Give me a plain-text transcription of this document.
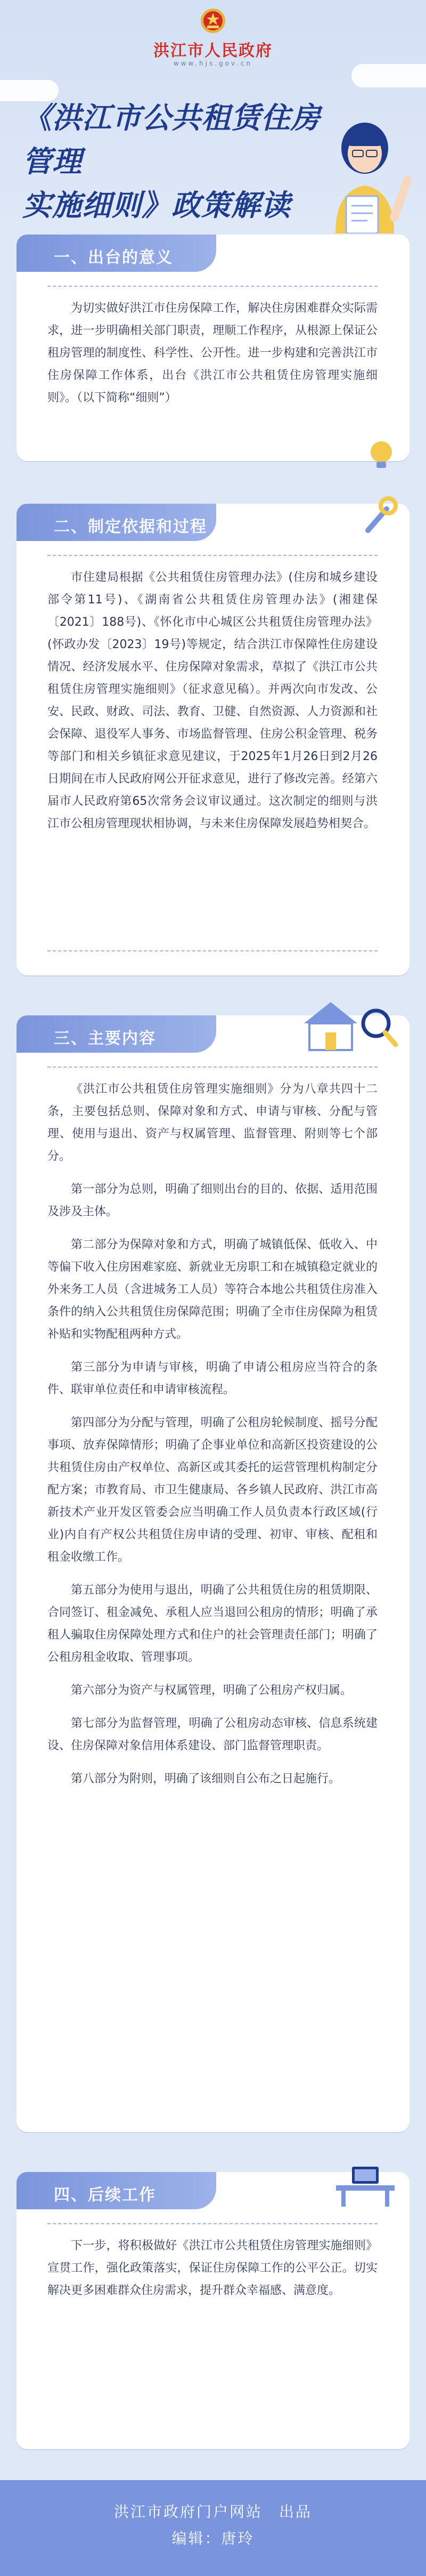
洪江市人民政府
www.hjs.gov.cn
《洪江市公共租赁住房管理
实施细则》政策解读
一、出台的意义

为切实做好洪江市住房保障工作，解决住房困难群众实际需求，进一步明确相关部门职责，理顺工作程序，从根源上保证公租房管理的制度性、科学性、公开性。进一步构建和完善洪江市住房保障工作体系，出台《洪江市公共租赁住房管理实施细则》。（以下简称“细则”）

二、制定依据和过程

市住建局根据《公共租赁住房管理办法》(住房和城乡建设部令第11号)、《湖南省公共租赁住房管理办法》(湘建保〔2021〕188号)、《怀化市中心城区公共租赁住房管理办法》(怀政办发〔2023〕19号)等规定，结合洪江市保障性住房建设情况、经济发展水平、住房保障对象需求，草拟了《洪江市公共租赁住房管理实施细则》（征求意见稿）。并两次向市发改、公安、民政、财政、司法、教育、卫健、自然资源、人力资源和社会保障、退役军人事务、市场监督管理、住房公积金管理、税务等部门和相关乡镇征求意见建议，于2025年1月26日到2月26日期间在市人民政府网公开征求意见，进行了修改完善。经第六届市人民政府第65次常务会议审议通过。这次制定的细则与洪江市公租房管理现状相协调，与未来住房保障发展趋势相契合。

三、主要内容

《洪江市公共租赁住房管理实施细则》分为八章共四十二条，主要包括总则、保障对象和方式、申请与审核、分配与管理、使用与退出、资产与权属管理、监督管理、附则等七个部分。

第一部分为总则，明确了细则出台的目的、依据、适用范围及涉及主体。

第二部分为保障对象和方式，明确了城镇低保、低收入、中等偏下收入住房困难家庭、新就业无房职工和在城镇稳定就业的外来务工人员（含进城务工人员）等符合本地公共租赁住房准入条件的纳入公共租赁住房保障范围；明确了全市住房保障为租赁补贴和实物配租两种方式。

第三部分为申请与审核，明确了申请公租房应当符合的条件、联审单位责任和申请审核流程。

第四部分为分配与管理，明确了公租房轮候制度、摇号分配事项、放弃保障情形；明确了企事业单位和高新区投资建设的公共租赁住房由产权单位、高新区或其委托的运营管理机构制定分配方案；市教育局、市卫生健康局、各乡镇人民政府、洪江市高新技术产业开发区管委会应当明确工作人员负责本行政区域(行业)内自有产权公共租赁住房申请的受理、初审、审核、配租和租金收缴工作。

第五部分为使用与退出，明确了公共租赁住房的租赁期限、合同签订、租金减免、承租人应当退回公租房的情形；明确了承租人骗取住房保障处理方式和住户的社会管理责任部门；明确了公租房租金收取、管理事项。

第六部分为资产与权属管理，明确了公租房产权归属。

第七部分为监督管理，明确了公租房动态审核、信息系统建设、住房保障对象信用体系建设、部门监督管理职责。

第八部分为附则，明确了该细则自公布之日起施行。

四、后续工作

下一步，将积极做好《洪江市公共租赁住房管理实施细则》宣贯工作，强化政策落实，保证住房保障工作的公平公正。切实解决更多困难群众住房需求，提升群众幸福感、满意度。

洪江市政府门户网站　出品
编辑：唐玲
